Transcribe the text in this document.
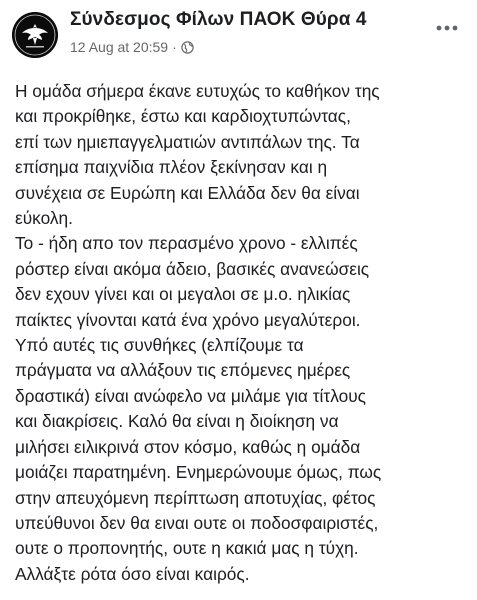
Σύνδεσμος Φίλων ΠΑΟΚ Θύρα 4
12 Aug at 20:59 ·
Η ομάδα σήμερα έκανε ευτυχώς το καθήκον της
και προκρίθηκε, έστω και καρδιοχτυπώντας,
επί των ημιεπαγγελματιών αντιπάλων της. Τα
επίσημα παιχνίδια πλέον ξεκίνησαν και η
συνέχεια σε Ευρώπη και Ελλάδα δεν θα είναι
εύκολη.
Το - ήδη απο τον περασμένο χρονο - ελλιπές
ρόστερ είναι ακόμα άδειο, βασικές ανανεώσεις
δεν εχουν γίνει και οι μεγαλοι σε μ.ο. ηλικίας
παίκτες γίνονται κατά ένα χρόνο μεγαλύτεροι.
Υπό αυτές τις συνθήκες (ελπίζουμε τα
πράγματα να αλλάξουν τις επόμενες ημέρες
δραστικά) είναι ανώφελο να μιλάμε για τίτλους
και διακρίσεις. Καλό θα είναι η διοίκηση να
μιλήσει ειλικρινά στον κόσμο, καθώς η ομάδα
μοιάζει παρατημένη. Ενημερώνουμε όμως, πως
στην απευχόμενη περίπτωση αποτυχίας, φέτος
υπεύθυνοι δεν θα ειναι ουτε οι ποδοσφαιριστές,
ουτε ο προπονητής, ουτε η κακιά μας η τύχη.
Αλλάξτε ρότα όσο είναι καιρός.
